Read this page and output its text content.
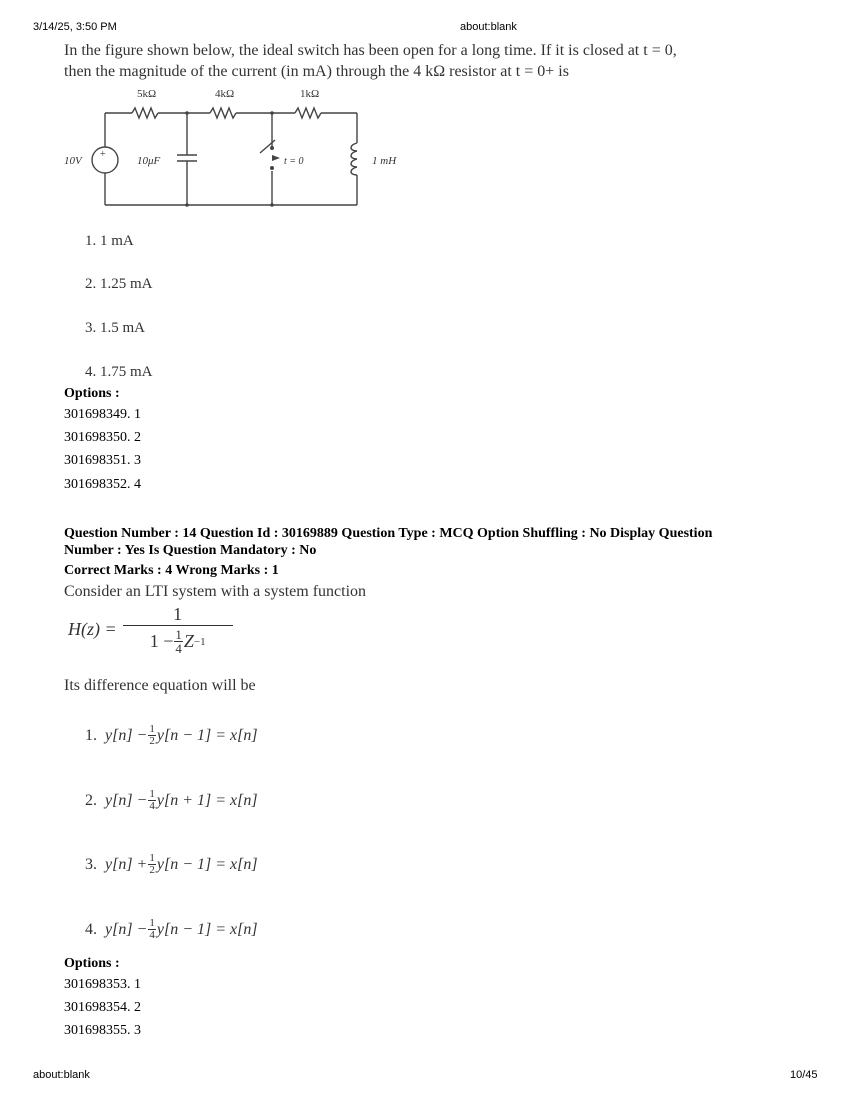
3/14/25, 3:50 PM	about:blank
In the figure shown below, the ideal switch has been open for a long time. If it is closed at t = 0,
then the magnitude of the current (in mA) through the 4 kΩ resistor at t = 0+ is
5kΩ	4kΩ	1kΩ
10V
+
10μF	t = 0	1 mH
1. 1 mA
2. 1.25 mA
3. 1.5 mA
4. 1.75 mA
Options :
301698349. 1
301698350. 2
301698351. 3
301698352. 4
Question Number : 14 Question Id : 30169889 Question Type : MCQ Option Shuffling : No Display Question
Number : Yes Is Question Mandatory : No
Correct Marks : 4 Wrong Marks : 1
Consider an LTI system with a system function
$H(z) = \frac{1}{1 - \frac{1}{4} Z -1}$
Its difference equation will be
1. $y[n] - \frac{1}{2} y[n - 1] = x[n]$
2. $y[n] - \frac{1}{4} y[n + 1] = x[n]$
3. $y[n] + \frac{1}{2} y[n - 1] = x[n]$
4. $y[n] - \frac{1}{4} y[n - 1] = x[n]$
Options :
301698353. 1
301698354. 2
301698355. 3
about:blank	10/45
